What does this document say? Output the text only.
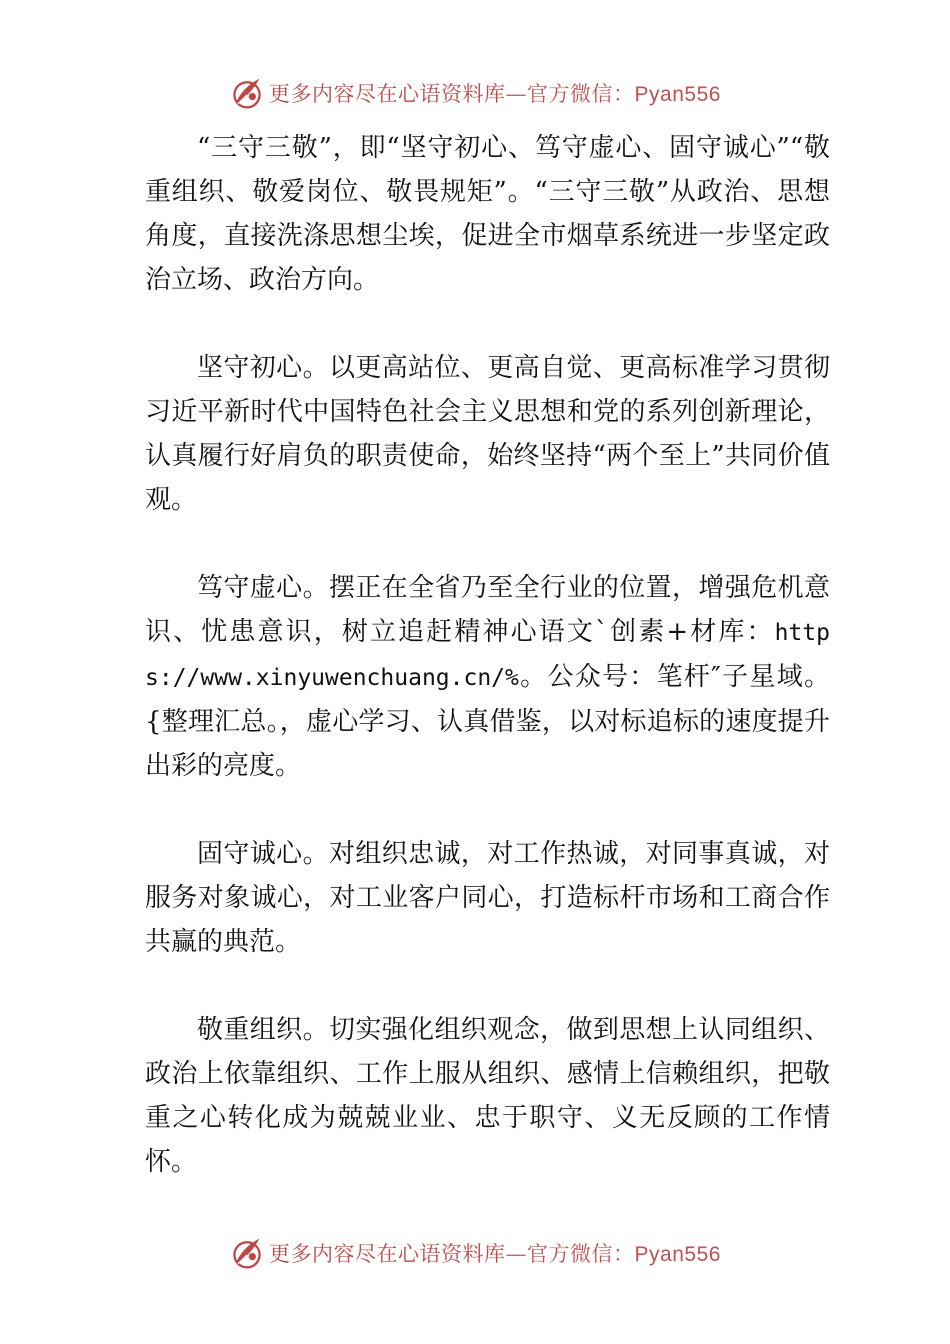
更多内容尽在心语资料库—官方微信：Pyan556

“三守三敬”，即“坚守初心、笃守虚心、固守诚心”“敬重组织、敬爱岗位、敬畏规矩”。“三守三敬”从政治、思想角度，直接洗涤思想尘埃，促进全市烟草系统进一步坚定政治立场、政治方向。

坚守初心。以更高站位、更高自觉、更高标准学习贯彻习近平新时代中国特色社会主义思想和党的系列创新理论，认真履行好肩负的职责使命，始终坚持“两个至上”共同价值观。

笃守虚心。摆正在全省乃至全行业的位置，增强危机意识、忧患意识，树立追赶精神心语文`创素+材库：https://www.xinyuwenchuang.cn/%。公众号：笔杆″子星域。{整理汇总。，虚心学习、认真借鉴，以对标追标的速度提升出彩的亮度。

固守诚心。对组织忠诚，对工作热诚，对同事真诚，对服务对象诚心，对工业客户同心，打造标杆市场和工商合作共赢的典范。

敬重组织。切实强化组织观念，做到思想上认同组织、政治上依靠组织、工作上服从组织、感情上信赖组织，把敬重之心转化成为兢兢业业、忠于职守、义无反顾的工作情怀。

更多内容尽在心语资料库—官方微信：Pyan556
